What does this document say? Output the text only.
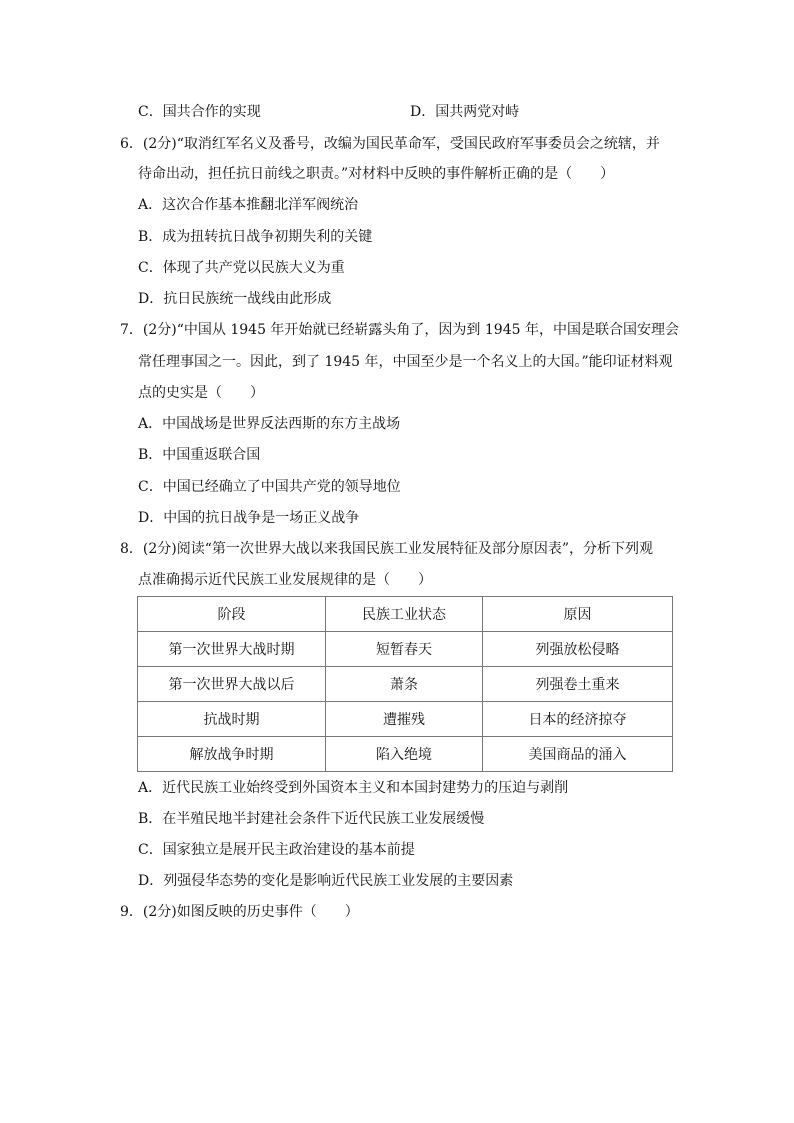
C．国共合作的实现	D．国共两党对峙
6．(2分)“取消红军名义及番号，改编为国民革命军，受国民政府军事委员会之统辖，并
待命出动，担任抗日前线之职责。”对材料中反映的事件解析正确的是（　　）
A．这次合作基本推翻北洋军阀统治
B．成为扭转抗日战争初期失利的关键
C．体现了共产党以民族大义为重
D．抗日民族统一战线由此形成
7．(2分)“中国从 1945 年开始就已经崭露头角了，因为到 1945 年，中国是联合国安理会
常任理事国之一。因此，到了 1945 年，中国至少是一个名义上的大国。”能印证材料观
点的史实是（　　）
A．中国战场是世界反法西斯的东方主战场
B．中国重返联合国
C．中国已经确立了中国共产党的领导地位
D．中国的抗日战争是一场正义战争
8．(2分)阅读“第一次世界大战以来我国民族工业发展特征及部分原因表”，分析下列观
点准确揭示近代民族工业发展规律的是（　　）
阶段	民族工业状态	原因
第一次世界大战时期	短暂春天	列强放松侵略
第一次世界大战以后	萧条	列强卷土重来
抗战时期	遭摧残	日本的经济掠夺
解放战争时期	陷入绝境	美国商品的涌入
A．近代民族工业始终受到外国资本主义和本国封建势力的压迫与剥削
B．在半殖民地半封建社会条件下近代民族工业发展缓慢
C．国家独立是展开民主政治建设的基本前提
D．列强侵华态势的变化是影响近代民族工业发展的主要因素
9．(2分)如图反映的历史事件（　　）
